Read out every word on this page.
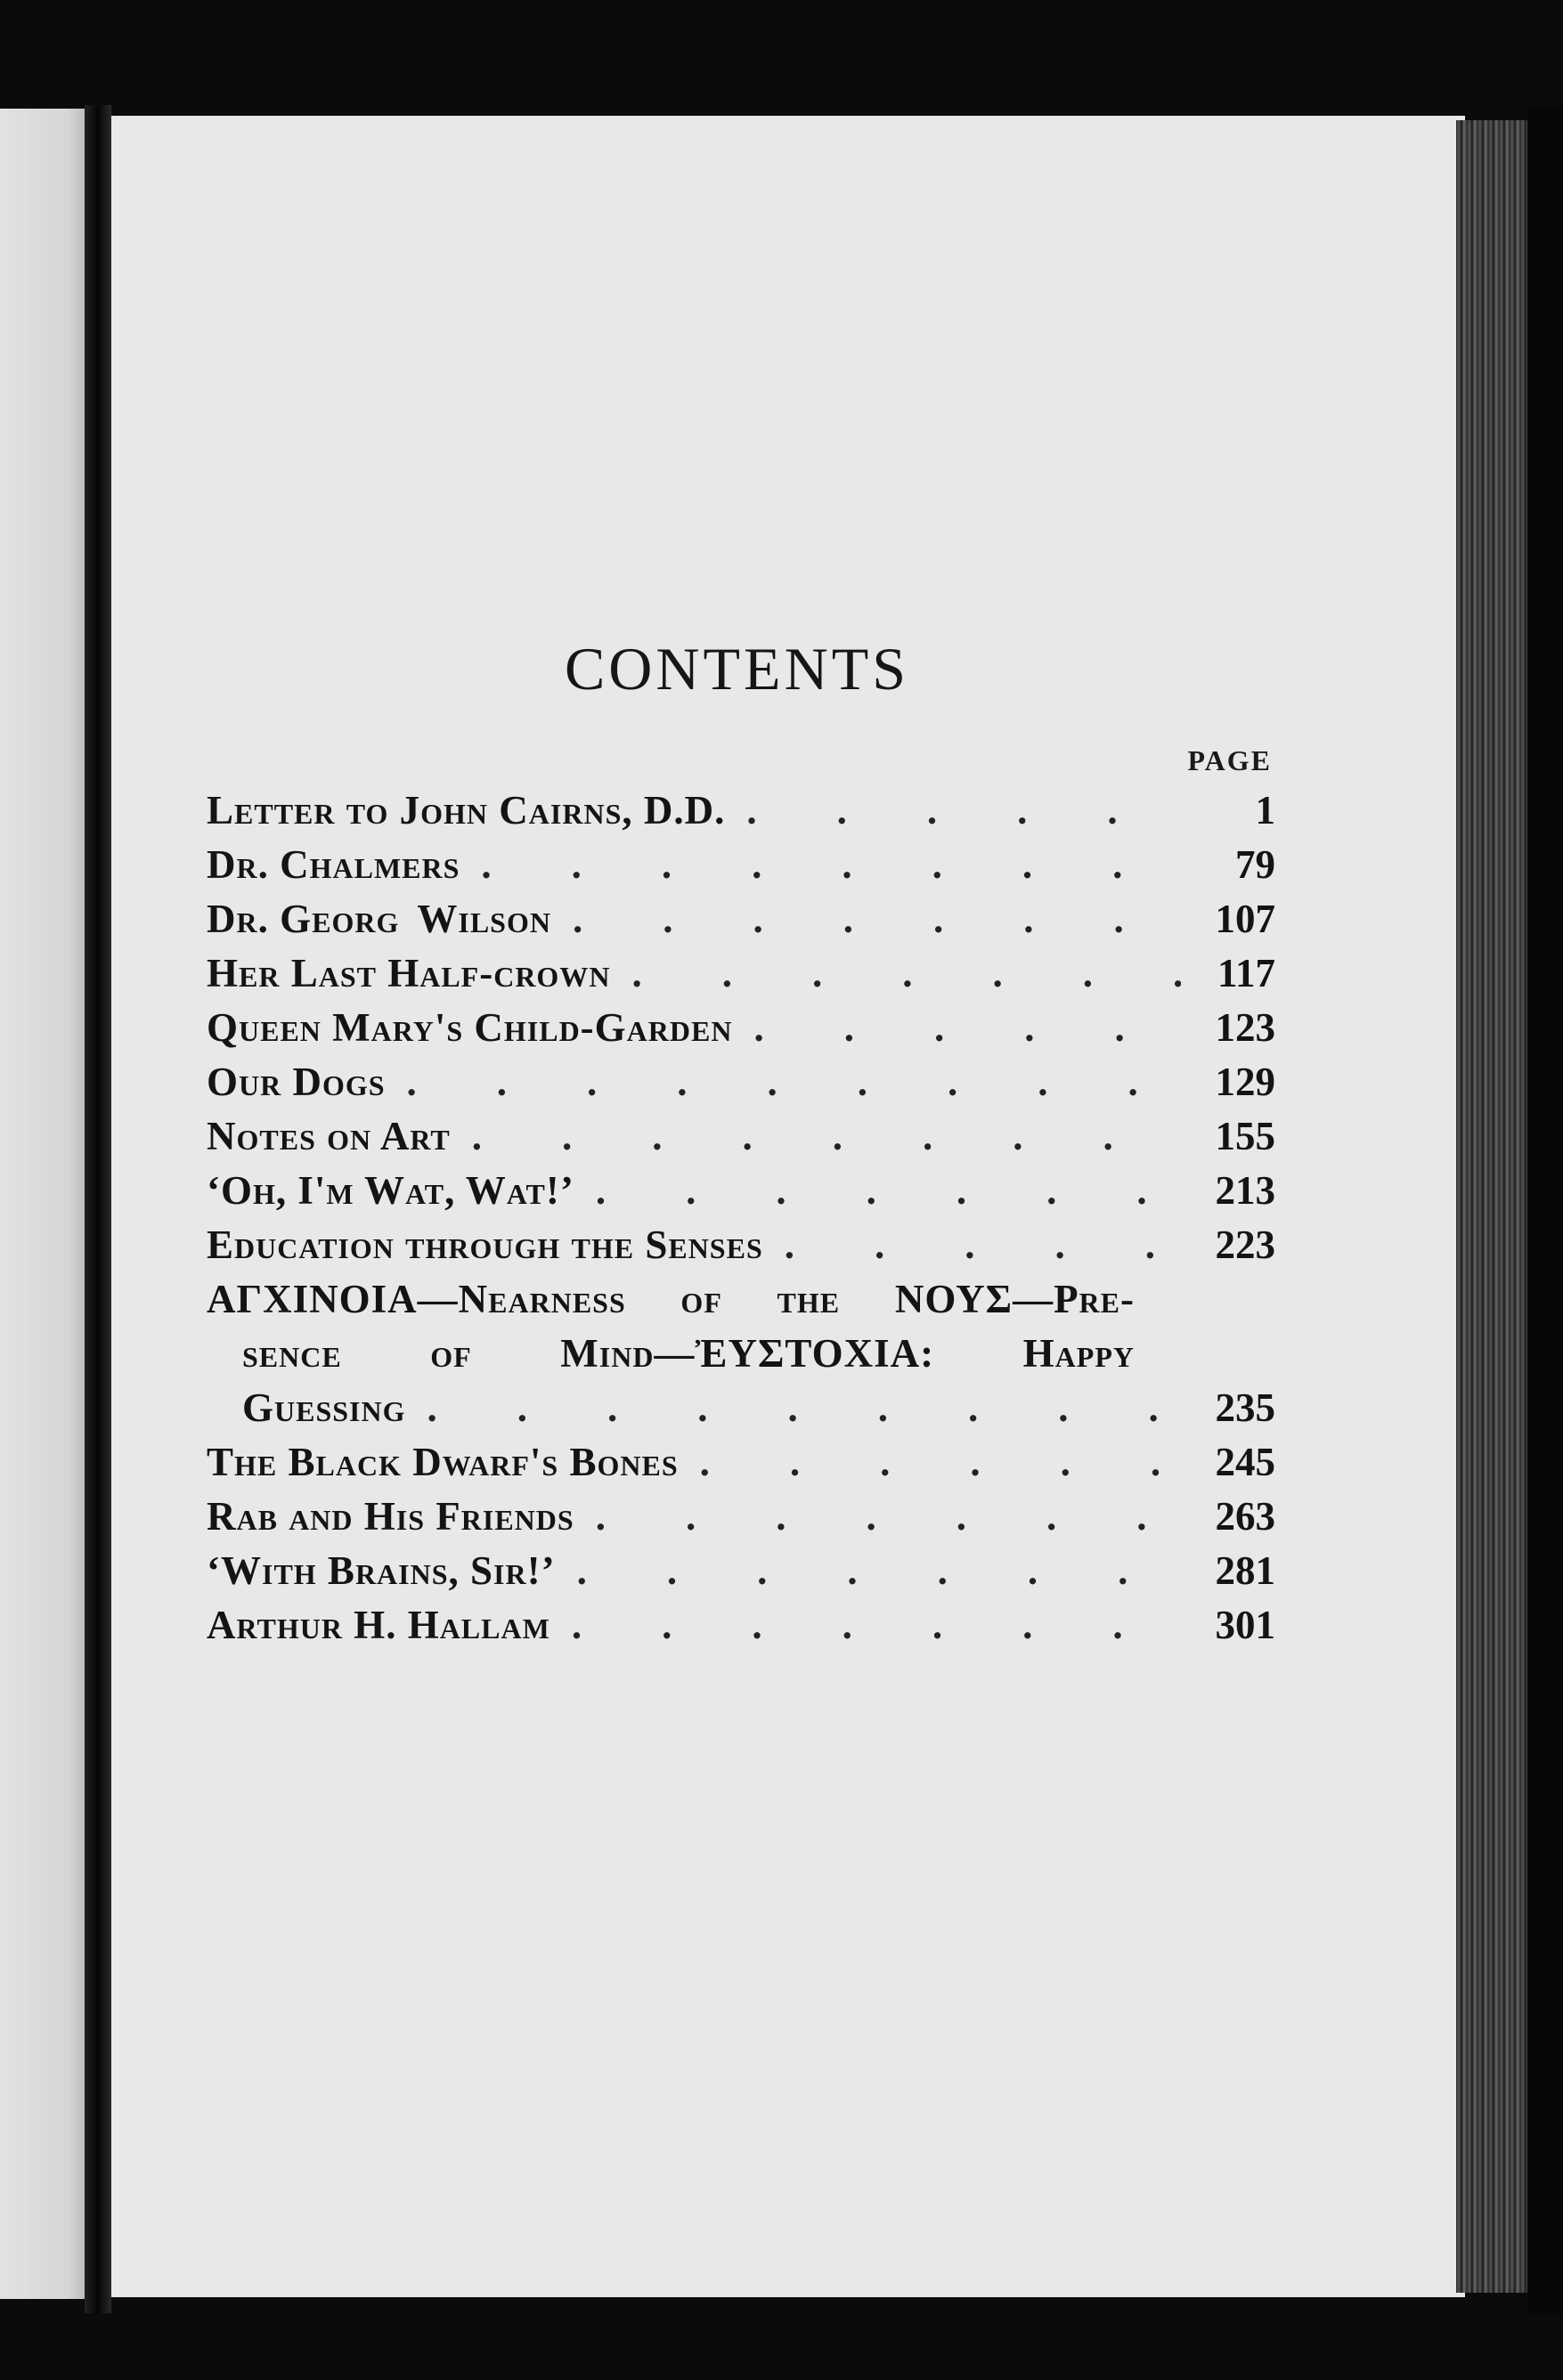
CONTENTS
PAGE
Letter to John Cairns, D.D. .	1
Dr. Chalmers .	79
Dr. Georg  Wilson .	107
Her Last Half-crown .	117
Queen Mary's Child-Garden .	123
Our Dogs .	129
Notes on Art .	155
‘Oh, I'm Wat, Wat!’ .	213
Education through the Senses .	223
ΑΓΧΙΝΟΙΑ—Nearness of the ΝΟΥΣ—Pre-
sence of Mind—ἘΥΣΤΟΧΙΑ: Happy
Guessing .	235
The Black Dwarf's Bones .	245
Rab and His Friends .	263
‘With Brains, Sir!’ .	281
Arthur H. Hallam .	301
